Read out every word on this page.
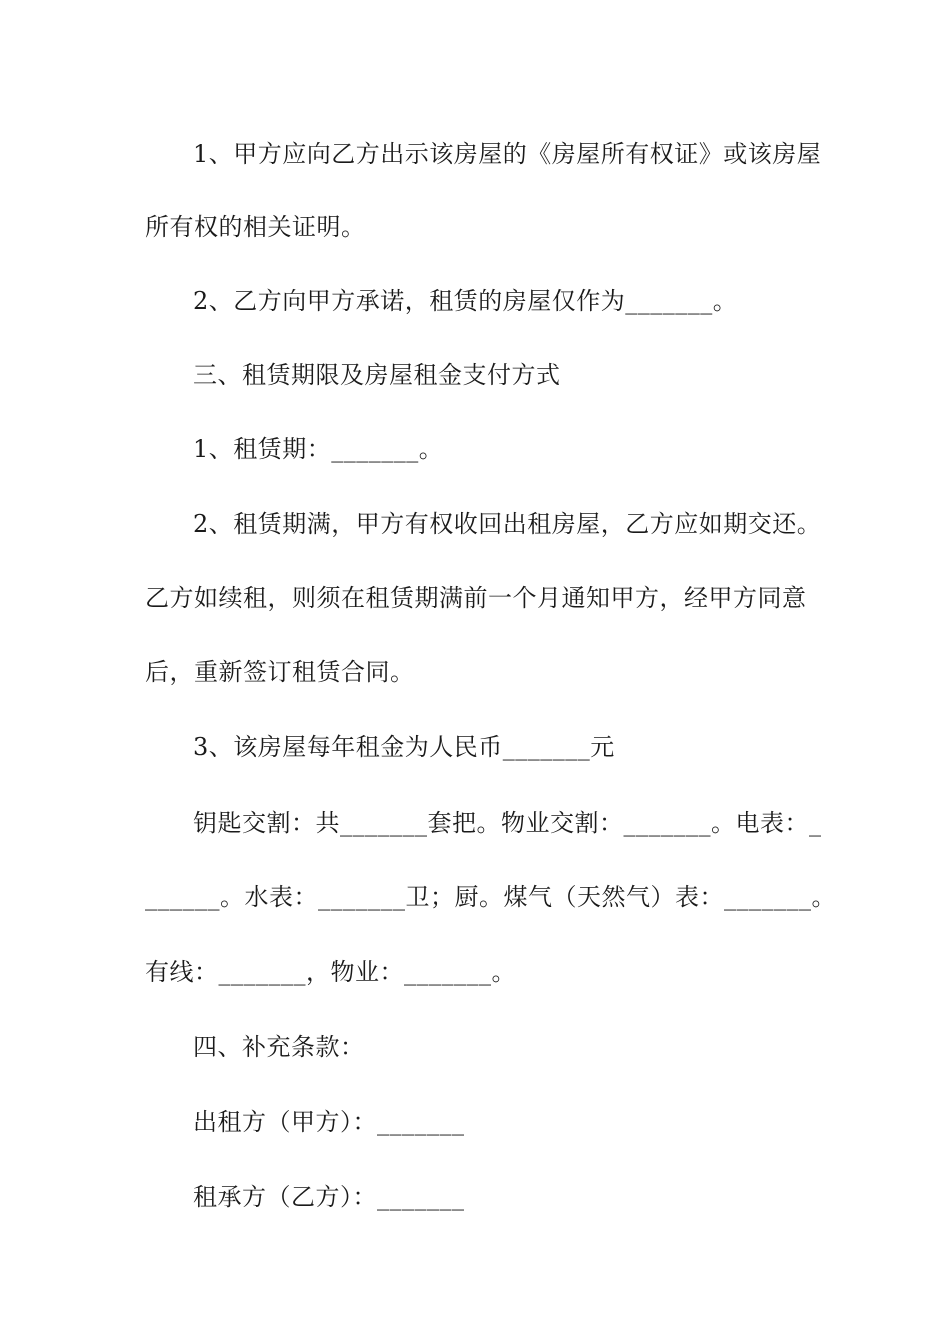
1、甲方应向乙方出示该房屋的《房屋所有权证》或该房屋
所有权的相关证明。
2、乙方向甲方承诺，租赁的房屋仅作为_______。
三、租赁期限及房屋租金支付方式
1、租赁期：_______。
2、租赁期满，甲方有权收回出租房屋，乙方应如期交还。
乙方如续租，则须在租赁期满前一个月通知甲方，经甲方同意
后，重新签订租赁合同。
3、该房屋每年租金为人民币_______元
钥匙交割：共_______套把。物业交割：_______。电表：_
______。水表：_______卫；厨。煤气（天然气）表：_______。
有线：_______，物业：_______。
四、补充条款：
出租方（甲方）：_______
租承方（乙方）：_______
